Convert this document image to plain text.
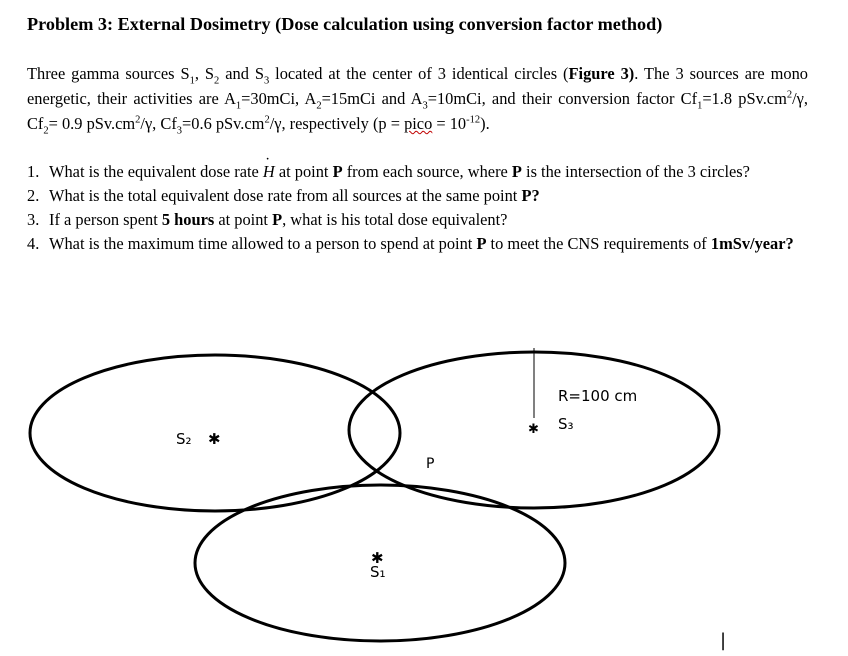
Problem 3: External Dosimetry (Dose calculation using conversion factor method)
Three gamma sources $S_1$, $S_2$ and $S_3$ located at the center of 3 identical circles (Figure 3). The 3 sources are mono energetic, their activities are $A_1=30mCi$, $A_2=15mCi$ and $A_3=10mCi$, and their conversion factor $Cf_1=1.8$ $pSv.cm^2/\gamma$, $Cf_2= 0.9$ $pSv.cm^2/\gamma$, $Cf_3=0.6$ $pSv.cm^2/\gamma$, respectively (p = pico = $10^{-12}$).
1. What is the equivalent dose rate H ˙ at point P from each source, where P is the intersection of the 3 circles?
2. What is the total equivalent dose rate from all sources at the same point P?
3. If a person spent 5 hours at point P, what is his total dose equivalent?
4. What is the maximum time allowed to a person to spend at point P to meet the CNS requirements of 1mSv/year?
R=100 cm
✱ S₃
S₂ ✱
P
✱
S₁
|
